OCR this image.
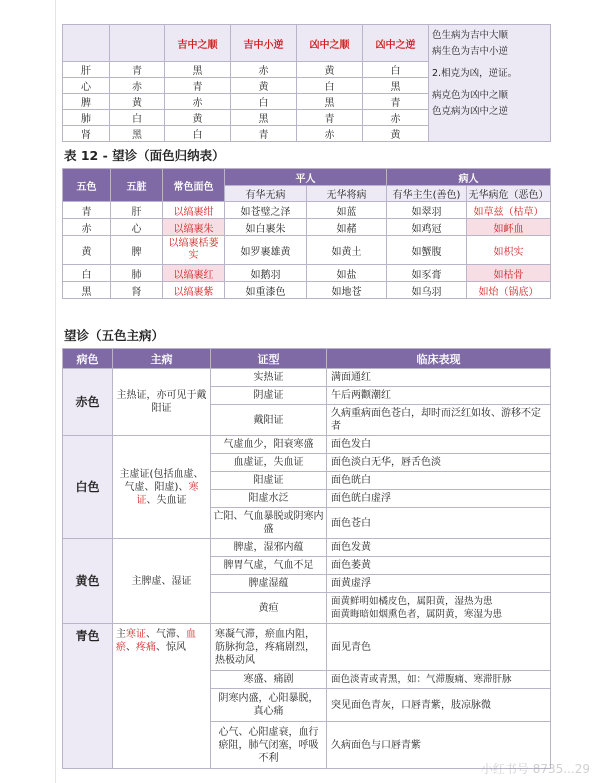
		吉中之顺	吉中小逆	凶中之顺	凶中之逆	色生病为吉中大顺
病生色为吉中小逆
2.相克为凶，逆证。
病克色为凶中之顺
色克病为凶中之逆

肝	青	黑	赤	黄	白	
心	赤	青	黄	白	黑	
脾	黄	赤	白	黑	青	
肺	白	黄	黑	青	赤	
肾	黑	白	青	赤	黄	
表 12 - 望诊（面色归纳表）
五色	五脏	常色面色	平人		病人	
			有华无病	无华将病	有华主生(善色)	无华病危（恶色）
青	肝	以缟裹绀	如苍璧之泽	如蓝	如翠羽	如草兹（枯草）
赤	心	以缟裹朱	如白裹朱	如赭	如鸡冠	如衃血
黄	脾	以缟裹栝蒌实	如罗裹雄黄	如黄土	如蟹腹	如枳实
白	肺	以缟裹红	如鹅羽	如盐	如豕膏	如枯骨
黑	肾	以缟裹紫	如重漆色	如地苍	如乌羽	如炲（锅底）
望诊（五色主病）
病色	主病	证型	临床表现
赤色	主热证，亦可见于戴阳证	实热证	满面通红
		阴虚证	午后两颧潮红
		戴阳证	久病重病面色苍白，却时而泛红如妆、游移不定者
白色	主虚证(包括血虚、气虚、阳虚)、寒证、失血证	气虚血少，阳衰寒盛	面色发白
		血虚证，失血证	面色淡白无华，唇舌色淡
		阳虚证	面色㿠白
		阳虚水泛	面色㿠白虚浮
		亡阳、气血暴脱或阴寒内盛	面色苍白
黄色	主脾虚、湿证	脾虚，湿邪内蕴	面色发黄
		脾胃气虚，气血不足	面色萎黄
		脾虚湿蕴	面黄虚浮
		黄疸	面黄鲜明如橘皮色，属阳黄，湿热为患
面黄晦暗如烟熏色者，属阴黄，寒湿为患

青色	主寒证、气滞、血瘀、疼痛、惊风	寒凝气滞，瘀血内阻，筋脉拘急，疼痛剧烈，热极动风	面见青色
		寒盛、痛剧	面色淡青或青黑，如：气滞腹痛、寒滞肝脉
		阴寒内盛，心阳暴脱，真心痛	突见面色青灰，口唇青紫，肢凉脉微
		心气、心阳虚衰，血行瘀阻，肺气闭塞，呼吸不利	久病面色与口唇青紫
小红书号 8735...29
